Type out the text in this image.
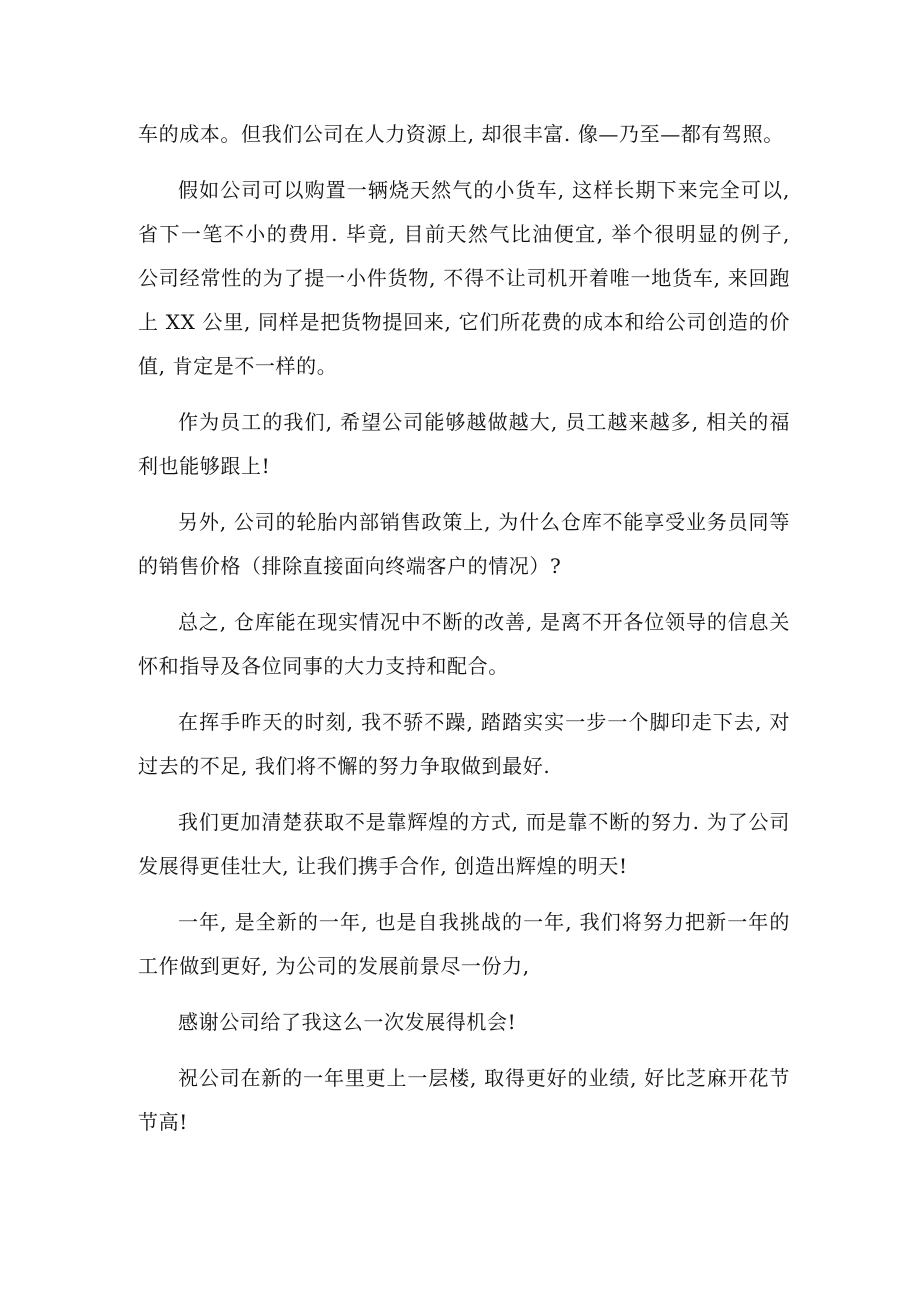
车的成本。但我们公司在人力资源上, 却很丰富. 像—乃至—都有驾照。

假如公司可以购置一辆烧天然气的小货车, 这样长期下来完全可以, 省下一笔不小的费用. 毕竟, 目前天然气比油便宜, 举个很明显的例子, 公司经常性的为了提一小件货物, 不得不让司机开着唯一地货车, 来回跑上 XX 公里, 同样是把货物提回来, 它们所花费的成本和给公司创造的价值, 肯定是不一样的。

作为员工的我们, 希望公司能够越做越大, 员工越来越多, 相关的福利也能够跟上!

另外, 公司的轮胎内部销售政策上, 为什么仓库不能享受业务员同等的销售价格（排除直接面向终端客户的情况）?

总之, 仓库能在现实情况中不断的改善, 是离不开各位领导的信息关怀和指导及各位同事的大力支持和配合。

在挥手昨天的时刻, 我不骄不躁, 踏踏实实一步一个脚印走下去, 对过去的不足, 我们将不懈的努力争取做到最好.

我们更加清楚获取不是靠辉煌的方式, 而是靠不断的努力. 为了公司发展得更佳壮大, 让我们携手合作, 创造出辉煌的明天!

一年, 是全新的一年, 也是自我挑战的一年, 我们将努力把新一年的工作做到更好, 为公司的发展前景尽一份力,

感谢公司给了我这么一次发展得机会!

祝公司在新的一年里更上一层楼, 取得更好的业绩, 好比芝麻开花节节高!
